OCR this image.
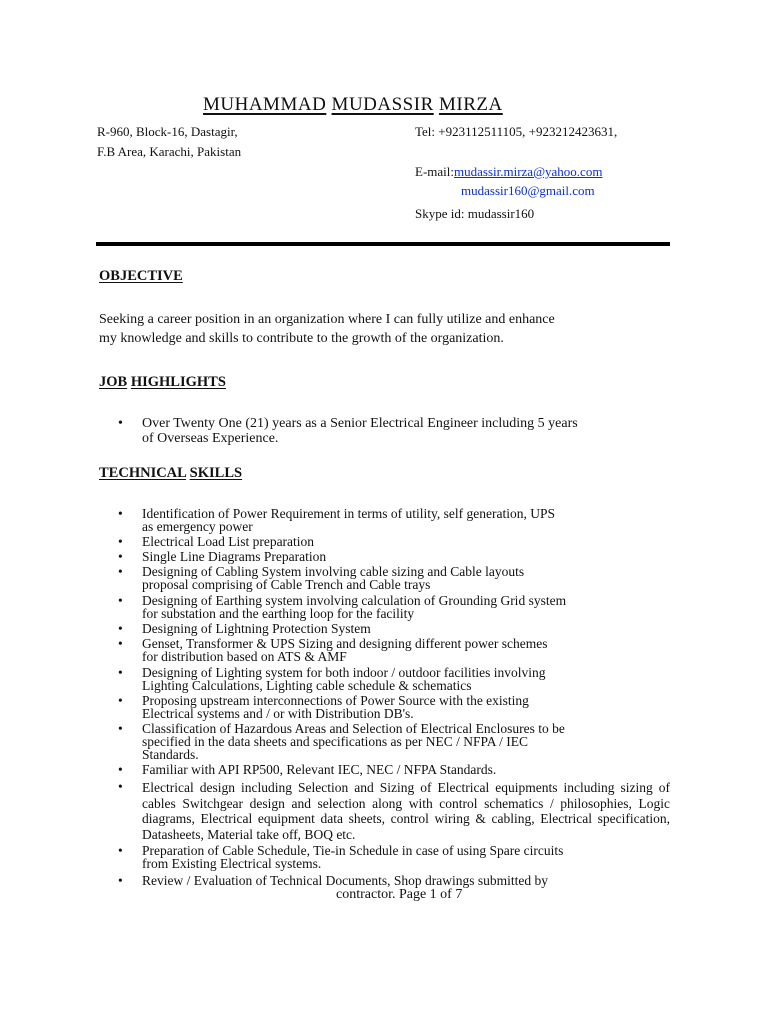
MUHAMMAD MUDASSIR MIRZA
R-960, Block-16, Dastagir,
F.B Area, Karachi, Pakistan
Tel: +923112511105, +923212423631,
E-mail:mudassir.mirza@yahoo.com
mudassir160@gmail.com
Skype id: mudassir160
OBJECTIVE
Seeking a career position in an organization where I can fully utilize and enhance
my knowledge and skills to contribute to the growth of the organization.
JOB HIGHLIGHTS
• Over Twenty One (21) years as a Senior Electrical Engineer including 5 years
of Overseas Experience.
TECHNICAL SKILLS
• Identification of Power Requirement in terms of utility, self generation, UPS
as emergency power
• Electrical Load List preparation
• Single Line Diagrams Preparation
• Designing of Cabling System involving cable sizing and Cable layouts
proposal comprising of Cable Trench and Cable trays
• Designing of Earthing system involving calculation of Grounding Grid system
for substation and the earthing loop for the facility
• Designing of Lightning Protection System
• Genset, Transformer & UPS Sizing and designing different power schemes
for distribution based on ATS & AMF
• Designing of Lighting system for both indoor / outdoor facilities involving
Lighting Calculations, Lighting cable schedule & schematics
• Proposing upstream interconnections of Power Source with the existing
Electrical systems and / or with Distribution DB's.
• Classification of Hazardous Areas and Selection of Electrical Enclosures to be
specified in the data sheets and specifications as per NEC / NFPA / IEC
Standards.
• Familiar with API RP500, Relevant IEC, NEC / NFPA Standards.
• Electrical design including Selection and Sizing of Electrical equipments including sizing of cables Switchgear design and selection along with control schematics / philosophies, Logic diagrams, Electrical equipment data sheets, control wiring & cabling, Electrical specification, Datasheets, Material take off, BOQ etc.
• Preparation of Cable Schedule, Tie-in Schedule in case of using Spare circuits
from Existing Electrical systems.
• Review / Evaluation of Technical Documents, Shop drawings submitted by
contractor. Page 1 of 7
